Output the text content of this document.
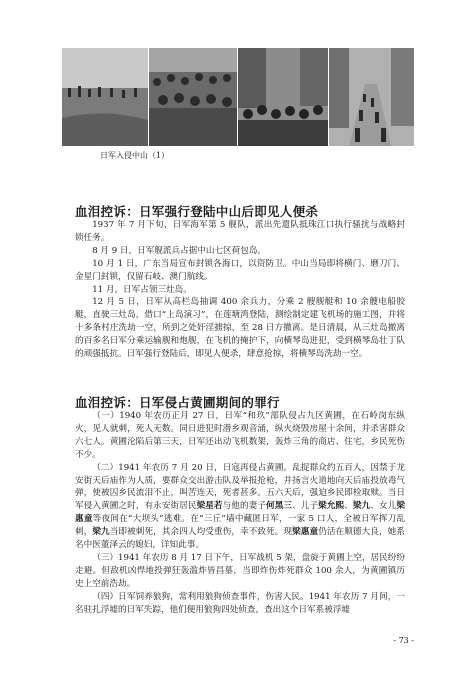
日军入侵中山（1）
血泪控诉：日军强行登陆中山后即见人便杀

1937 年 7 月下旬，日军海军第 5 舰队，派出先遣队抵珠江口执行骚扰与战略封锁任务。

8 月 9 日，日军舰派兵占据中山七区荷包岛。

10 月 1 日，广东当局宣布封锁各海口，以资防卫。中山当局即将横门、磨刀门、金星门封锁，仅留石岐、澳门航线。

11 月，日军占领三灶岛。

12 月 5 日，日军从高栏岛抽调 400 余兵力，分乘 2 艘舰艇和 10 余艘电船胶艇，直驶三灶岛，借口“上岛演习”，在莲塘湾登陆，测绘制定建飞机场的施工图，并将十多条村庄洗劫一空，所到之处奸淫掳掠，至 28 日方撤离。是日清晨，从三灶岛撤离的百多名日军分乘运输舰和炮舰，在飞机的掩护下，向横琴岛进犯，受到横琴岛壮丁队的顽强抵抗。日军强行登陆后，即见人便杀，肆意抢掠，将横琴岛洗劫一空。

血泪控诉：日军侵占黄圃期间的罪行

（一）1940 年农历正月 27 日，日军“和玖”部队侵占九区黄圃，在石岭岗东纵火，见人就刺，死人无数。同日进犯时潜乡观音涌，纵火烧毁房屋十余间，并杀害群众六七人。黄圃沦陷后第三天，日军还出动飞机数架，轰炸三角的商店、住宅，乡民死伤不少。

（二）1941 年农历 7 月 20 日，日寇再侵占黄圃。乱捉群众约五百人，因禁于龙安街天后庙作为人质，要群众交出游击队及举报抢枪，并扬言火道地向天后庙投放毒气弹，使被囚乡民流泪不止，叫苦连天，死者甚多。五六天后，强迫乡民即检取赎。当日军侵入黄圃之时，有永安街居民梁星若与他的妻子何黑三、儿子梁允熙、梁九、女儿梁惠童等夜间在“大坝头”逃难。在“三丘”墙中藏匿日军，一家 5 口人，全被日军挥刀乱刺，梁九当即被刺死，其余四人均受重伤，幸不致死。现梁惠童仍活在顺德大良，她系名中医董泽云的媳妇，详知此事。

（三）1941 年农历 8 月 17 日下午，日军战机 5 架，盘旋于黄圃上空，居民纷纷走避。但敌机凶悍地投弹狂轰滥炸皆昌墓，当即炸伤炸死群众 100 余人，为黄圃镇历史上空前浩劫。

（四）日军饲养狼狗，常利用狼狗侦查事件，伤害人民。1941 年农历 7 月间，一名驻扎浮墟的日军失踪，他们便用狼狗四处侦查，查出这个日军系被浮墟

- 73 -
